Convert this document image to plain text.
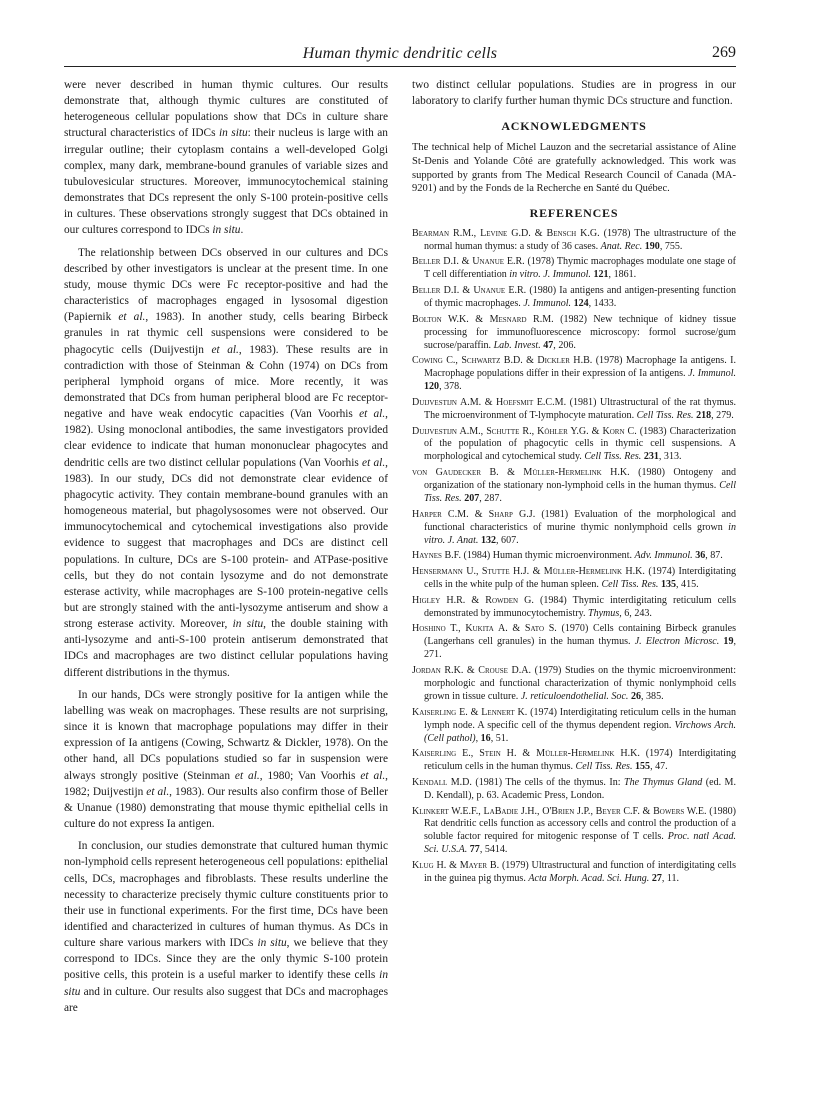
Human thymic dendritic cells	269

were never described in human thymic cultures. Our results demonstrate that, although thymic cultures are constituted of heterogeneous cellular populations show that DCs in culture share structural characteristics of IDCs in situ: their nucleus is large with an irregular outline; their cytoplasm contains a well-developed Golgi complex, many dark, membrane-bound granules of variable sizes and tubulovesicular structures. Moreover, immunocytochemical staining demonstrates that DCs represent the only S-100 protein-positive cells in cultures. These observations strongly suggest that DCs obtained in our cultures correspond to IDCs in situ.

The relationship between DCs observed in our cultures and DCs described by other investigators is unclear at the present time. In one study, mouse thymic DCs were Fc receptor-positive and had the characteristics of macrophages engaged in lysosomal digestion (Papiernik et al., 1983). In another study, cells bearing Birbeck granules in rat thymic cell suspensions were considered to be phagocytic cells (Duijvestijn et al., 1983). These results are in contradiction with those of Steinman & Cohn (1974) on DCs from peripheral lymphoid organs of mice. More recently, it was demonstrated that DCs from human peripheral blood are Fc receptor-negative and have weak endocytic capacities (Van Voorhis et al., 1982). Using monoclonal antibodies, the same investigators provided clear evidence to indicate that human mononuclear phagocytes and dendritic cells are two distinct cellular populations (Van Voorhis et al., 1983). In our study, DCs did not demonstrate clear evidence of phagocytic activity. They contain membrane-bound granules with an homogeneous material, but phagolysosomes were not observed. Our immunocytochemical and cytochemical investigations also provide evidence to suggest that macrophages and DCs are distinct cell populations. In culture, DCs are S-100 protein- and ATPase-positive cells, but they do not contain lysozyme and do not demonstrate esterase activity, while macrophages are S-100 protein-negative cells but are strongly stained with the anti-lysozyme antiserum and show a strong esterase activity. Moreover, in situ, the double staining with anti-lysozyme and anti-S-100 protein antiserum demonstrated that IDCs and macrophages are two distinct cellular populations having different distributions in the thymus.

In our hands, DCs were strongly positive for Ia antigen while the labelling was weak on macrophages. These results are not surprising, since it is known that macrophage populations may differ in their expression of Ia antigens (Cowing, Schwartz & Dickler, 1978). On the other hand, all DCs populations studied so far in suspension were always strongly positive (Steinman et al., 1980; Van Voorhis et al., 1982; Duijvestijn et al., 1983). Our results also confirm those of Beller & Unanue (1980) demonstrating that mouse thymic epithelial cells in culture do not express Ia antigen.

In conclusion, our studies demonstrate that cultured human thymic non-lymphoid cells represent heterogeneous cell populations: epithelial cells, DCs, macrophages and fibroblasts. These results underline the necessity to characterize precisely thymic culture constituents prior to their use in functional experiments. For the first time, DCs have been identified and characterized in cultures of human thymus. As DCs in culture share various markers with IDCs in situ, we believe that they correspond to IDCs. Since they are the only thymic S-100 protein positive cells, this protein is a useful marker to identify these cells in situ and in culture. Our results also suggest that DCs and macrophages are

two distinct cellular populations. Studies are in progress in our laboratory to clarify further human thymic DCs structure and function.

ACKNOWLEDGMENTS

The technical help of Michel Lauzon and the secretarial assistance of Aline St-Denis and Yolande Côté are gratefully acknowledged. This work was supported by grants from The Medical Research Council of Canada (MA-9201) and by the Fonds de la Recherche en Santé du Québec.

REFERENCES
Bearman R.M., Levine G.D. & Bensch K.G. (1978) The ultrastructure of the normal human thymus: a study of 36 cases. Anat. Rec. 190, 755.
Beller D.I. & Unanue E.R. (1978) Thymic macrophages modulate one stage of T cell differentiation in vitro. J. Immunol. 121, 1861.
Beller D.I. & Unanue E.R. (1980) Ia antigens and antigen-presenting function of thymic macrophages. J. Immunol. 124, 1433.
Bolton W.K. & Mesnard R.M. (1982) New technique of kidney tissue processing for immunofluorescence microscopy: formol sucrose/gum sucrose/paraffin. Lab. Invest. 47, 206.
Cowing C., Schwartz B.D. & Dickler H.B. (1978) Macrophage Ia antigens. I. Macrophage populations differ in their expression of Ia antigens. J. Immunol. 120, 378.
Duijvestijn A.M. & Hoefsmit E.C.M. (1981) Ultrastructural of the rat thymus. The microenvironment of T-lymphocyte maturation. Cell Tiss. Res. 218, 279.
Duijvestijn A.M., Schutte R., Köhler Y.G. & Korn C. (1983) Characterization of the population of phagocytic cells in thymic cell suspensions. A morphological and cytochemical study. Cell Tiss. Res. 231, 313.
von Gaudecker B. & Müller-Hermelink H.K. (1980) Ontogeny and organization of the stationary non-lymphoid cells in the human thymus. Cell Tiss. Res. 207, 287.
Harper C.M. & Sharp G.J. (1981) Evaluation of the morphological and functional characteristics of murine thymic nonlymphoid cells grown in vitro. J. Anat. 132, 607.
Haynes B.F. (1984) Human thymic microenvironment. Adv. Immunol. 36, 87.
Hensermann U., Stutte H.J. & Müller-Hermelink H.K. (1974) Interdigitating cells in the white pulp of the human spleen. Cell Tiss. Res. 135, 415.
Higley H.R. & Rowden G. (1984) Thymic interdigitating reticulum cells demonstrated by immunocytochemistry. Thymus, 6, 243.
Hoshino T., Kukita A. & Sato S. (1970) Cells containing Birbeck granules (Langerhans cell granules) in the human thymus. J. Electron Microsc. 19, 271.
Jordan R.K. & Crouse D.A. (1979) Studies on the thymic microenvironment: morphologic and functional characterization of thymic nonlymphoid cells grown in tissue culture. J. reticuloendothelial. Soc. 26, 385.
Kaiserling E. & Lennert K. (1974) Interdigitating reticulum cells in the human lymph node. A specific cell of the thymus dependent region. Virchows Arch. (Cell pathol), 16, 51.
Kaiserling E., Stein H. & Müller-Hermelink H.K. (1974) Interdigitating reticulum cells in the human thymus. Cell Tiss. Res. 155, 47.
Kendall M.D. (1981) The cells of the thymus. In: The Thymus Gland (ed. M. D. Kendall), p. 63. Academic Press, London.
Klinkert W.E.F., LaBadie J.H., O'Brien J.P., Beyer C.F. & Bowers W.E. (1980) Rat dendritic cells function as accessory cells and control the production of a soluble factor required for mitogenic response of T cells. Proc. natl Acad. Sci. U.S.A. 77, 5414.
Klug H. & Mayer B. (1979) Ultrastructural and function of interdigitating cells in the guinea pig thymus. Acta Morph. Acad. Sci. Hung. 27, 11.
